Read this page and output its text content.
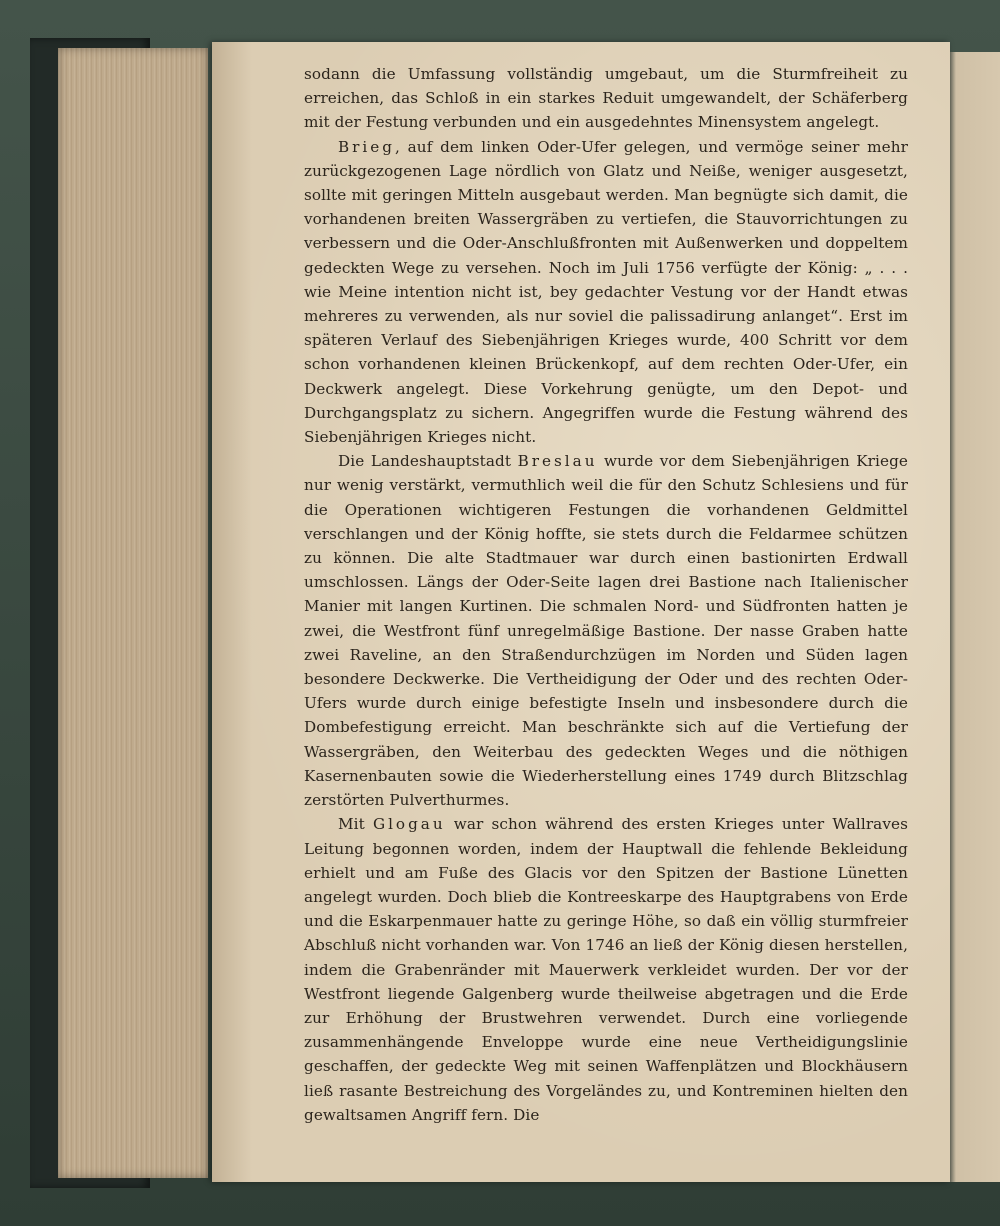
sodann die Umfassung vollständig umgebaut, um die Sturmfreiheit zu erreichen, das Schloß in ein starkes Reduit umgewandelt, der Schäferberg mit der Festung verbunden und ein ausgedehntes Minensystem angelegt.

Brieg, auf dem linken Oder-Ufer gelegen, und vermöge seiner mehr zurückgezogenen Lage nördlich von Glatz und Neiße, weniger ausgesetzt, sollte mit geringen Mitteln ausgebaut werden. Man begnügte sich damit, die vorhandenen breiten Wassergräben zu vertiefen, die Stauvorrichtungen zu verbessern und die Oder-Anschlußfronten mit Außenwerken und doppeltem gedeckten Wege zu versehen. Noch im Juli 1756 verfügte der König: „ . . . wie Meine intention nicht ist, bey gedachter Vestung vor der Handt etwas mehreres zu verwenden, als nur soviel die palissadirung anlanget“. Erst im späteren Verlauf des Siebenjährigen Krieges wurde, 400 Schritt vor dem schon vorhandenen kleinen Brückenkopf, auf dem rechten Oder-Ufer, ein Deckwerk angelegt. Diese Vorkehrung genügte, um den Depot- und Durchgangsplatz zu sichern. Angegriffen wurde die Festung während des Siebenjährigen Krieges nicht.

Die Landeshauptstadt Breslau wurde vor dem Siebenjährigen Kriege nur wenig verstärkt, vermuthlich weil die für den Schutz Schlesiens und für die Operationen wichtigeren Festungen die vorhandenen Geldmittel verschlangen und der König hoffte, sie stets durch die Feldarmee schützen zu können. Die alte Stadtmauer war durch einen bastionirten Erdwall umschlossen. Längs der Oder-Seite lagen drei Bastione nach Italienischer Manier mit langen Kurtinen. Die schmalen Nord- und Südfronten hatten je zwei, die Westfront fünf unregelmäßige Bastione. Der nasse Graben hatte zwei Raveline, an den Straßendurchzügen im Norden und Süden lagen besondere Deckwerke. Die Vertheidigung der Oder und des rechten Oder-Ufers wurde durch einige befestigte Inseln und insbesondere durch die Dombefestigung erreicht. Man beschränkte sich auf die Vertiefung der Wassergräben, den Weiterbau des gedeckten Weges und die nöthigen Kasernenbauten sowie die Wiederherstellung eines 1749 durch Blitzschlag zerstörten Pulverthurmes.

Mit Glogau war schon während des ersten Krieges unter Wallraves Leitung begonnen worden, indem der Hauptwall die fehlende Bekleidung erhielt und am Fuße des Glacis vor den Spitzen der Bastione Lünetten angelegt wurden. Doch blieb die Kontreeskarpe des Hauptgrabens von Erde und die Eskarpenmauer hatte zu geringe Höhe, so daß ein völlig sturmfreier Abschluß nicht vorhanden war. Von 1746 an ließ der König diesen herstellen, indem die Grabenränder mit Mauerwerk verkleidet wurden. Der vor der Westfront liegende Galgenberg wurde theilweise abgetragen und die Erde zur Erhöhung der Brustwehren verwendet. Durch eine vorliegende zusammenhängende Enveloppe wurde eine neue Vertheidigungslinie geschaffen, der gedeckte Weg mit seinen Waffenplätzen und Blockhäusern ließ rasante Bestreichung des Vorgeländes zu, und Kontreminen hielten den gewaltsamen Angriff fern. Die
